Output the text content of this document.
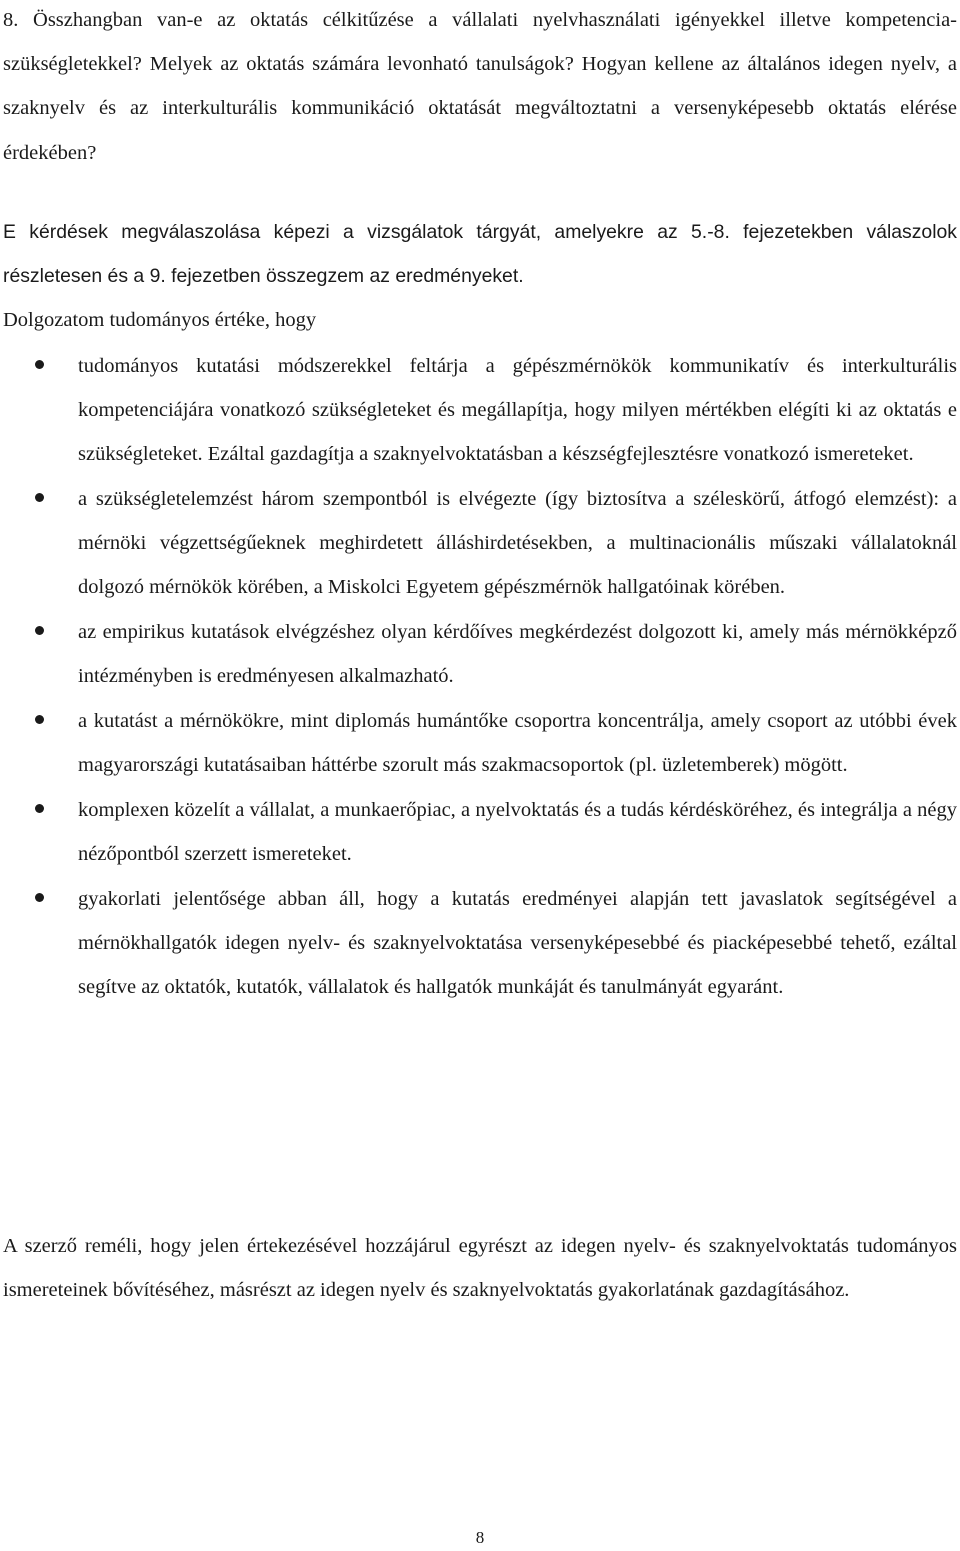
8. Összhangban van-e az oktatás célkitűzése a vállalati nyelvhasználati igényekkel illetve kompetencia-szükségletekkel? Melyek az oktatás számára levonható tanulságok? Hogyan kellene az általános idegen nyelv, a szaknyelv és az interkulturális kommunikáció oktatását megváltoztatni a versenyképesebb oktatás elérése érdekében?

E kérdések megválaszolása képezi a vizsgálatok tárgyát, amelyekre az 5.-8. fejezetekben válaszolok részletesen és a 9. fejezetben összegzem az eredményeket.

Dolgozatom tudományos értéke, hogy

tudományos kutatási módszerekkel feltárja a gépészmérnökök kommunikatív és interkulturális kompetenciájára vonatkozó szükségleteket és megállapítja, hogy milyen mértékben elégíti ki az oktatás e szükségleteket. Ezáltal gazdagítja a szaknyelvoktatásban a készségfejlesztésre vonatkozó ismereteket.
a szükségletelemzést három szempontból is elvégezte (így biztosítva a széleskörű, átfogó elemzést): a mérnöki végzettségűeknek meghirdetett álláshirdetésekben, a multinacionális műszaki vállalatoknál dolgozó mérnökök körében, a Miskolci Egyetem gépészmérnök hallgatóinak körében.
az empirikus kutatások elvégzéshez olyan kérdőíves megkérdezést dolgozott ki, amely más mérnökképző intézményben is eredményesen alkalmazható.
a kutatást a mérnökökre, mint diplomás humántőke csoportra koncentrálja, amely csoport az utóbbi évek magyarországi kutatásaiban háttérbe szorult más szakmacsoportok (pl. üzletemberek) mögött.
komplexen közelít a vállalat, a munkaerőpiac, a nyelvoktatás és a tudás kérdésköréhez, és integrálja a négy nézőpontból szerzett ismereteket.
gyakorlati jelentősége abban áll, hogy a kutatás eredményei alapján tett javaslatok segítségével a mérnökhallgatók idegen nyelv- és szaknyelvoktatása versenyképesebbé és piacképesebbé tehető, ezáltal segítve az oktatók, kutatók, vállalatok és hallgatók munkáját és tanulmányát egyaránt.

A szerző reméli, hogy jelen értekezésével hozzájárul egyrészt az idegen nyelv- és szaknyelvoktatás tudományos ismereteinek bővítéséhez, másrészt az idegen nyelv és szaknyelvoktatás gyakorlatának gazdagításához.

8
